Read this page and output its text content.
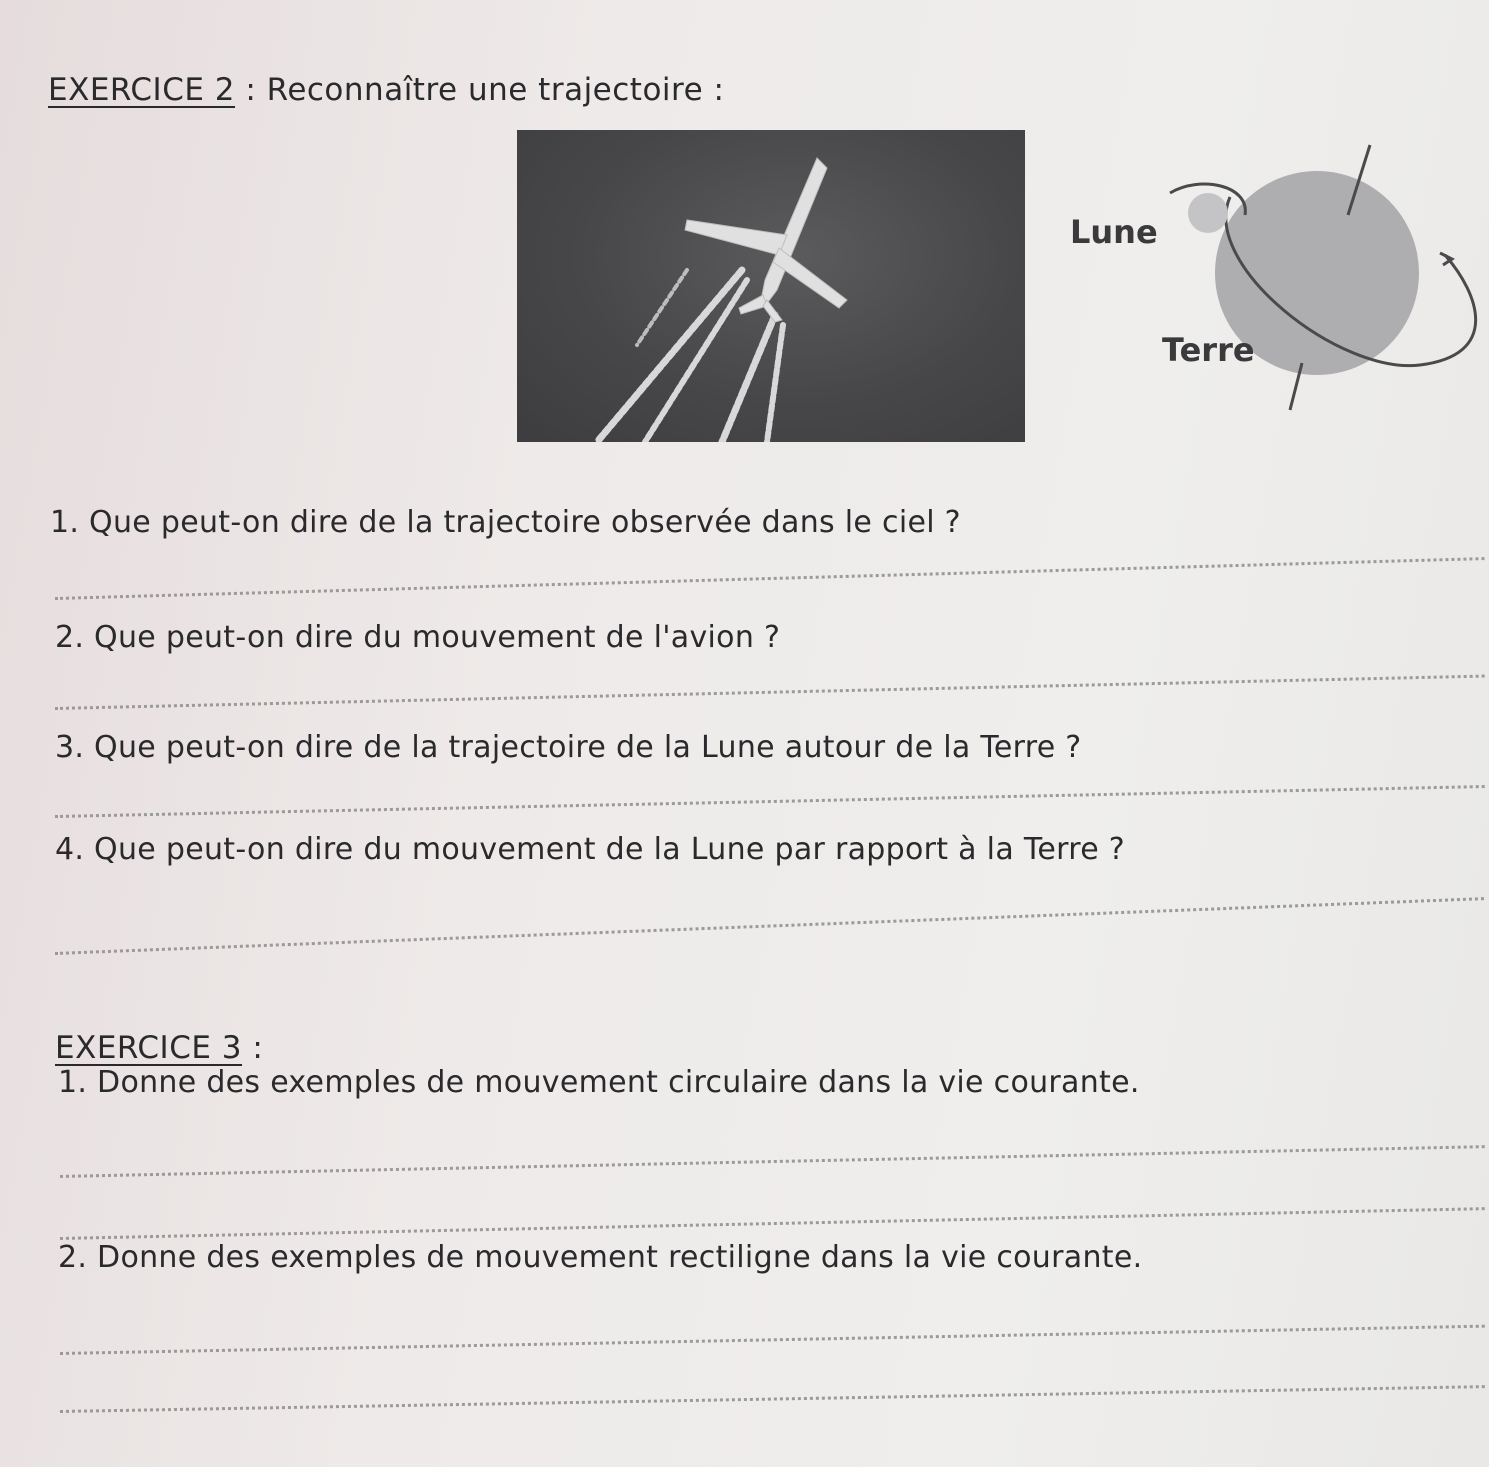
EXERCICE 2 : Reconnaître une trajectoire :
Lune
Terre
1. Que peut-on dire de la trajectoire observée dans le ciel ?
2. Que peut-on dire du mouvement de l'avion ?
3. Que peut-on dire de la trajectoire de la Lune autour de la Terre ?
4. Que peut-on dire du mouvement de la Lune par rapport à la Terre ?
EXERCICE 3 :
1. Donne des exemples de mouvement circulaire dans la vie courante.
2. Donne des exemples de mouvement rectiligne dans la vie courante.
